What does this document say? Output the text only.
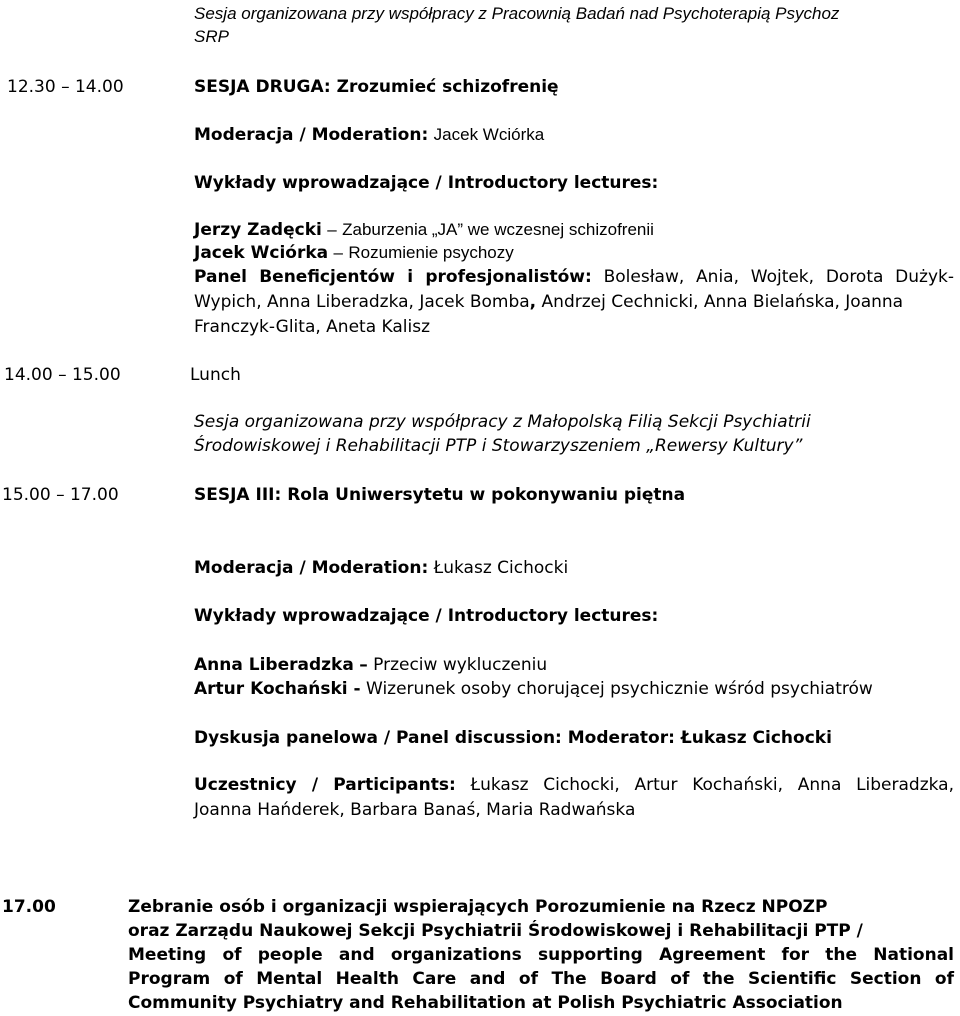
Sesja organizowana przy współpracy z Pracownią Badań nad Psychoterapią Psychoz
SRP
12.30 – 14.00	SESJA DRUGA: Zrozumieć schizofrenię
Moderacja / Moderation: Jacek Wciórka
Wykłady wprowadzające / Introductory lectures:
Jerzy Zadęcki – Zaburzenia „JA” we wczesnej schizofrenii
Jacek Wciórka – Rozumienie psychozy
Panel Beneficjentów i profesjonalistów: Bolesław, Ania, Wojtek, Dorota Dużyk-
Wypich, Anna Liberadzka, Jacek Bomba, Andrzej Cechnicki, Anna Bielańska, Joanna
Franczyk-Glita, Aneta Kalisz
14.00 – 15.00	Lunch
Sesja organizowana przy współpracy z Małopolską Filią Sekcji Psychiatrii
Środowiskowej i Rehabilitacji PTP i Stowarzyszeniem „Rewersy Kultury”
15.00 – 17.00	SESJA III: Rola Uniwersytetu w pokonywaniu piętna
Moderacja / Moderation: Łukasz Cichocki
Wykłady wprowadzające / Introductory lectures:
Anna Liberadzka – Przeciw wykluczeniu
Artur Kochański - Wizerunek osoby chorującej psychicznie wśród psychiatrów
Dyskusja panelowa / Panel discussion: Moderator: Łukasz Cichocki
Uczestnicy / Participants: Łukasz Cichocki, Artur Kochański, Anna Liberadzka,
Joanna Hańderek, Barbara Banaś, Maria Radwańska
17.00	Zebranie osób i organizacji wspierających Porozumienie na Rzecz NPOZP
oraz Zarządu Naukowej Sekcji Psychiatrii Środowiskowej i Rehabilitacji PTP /
Meeting of people and organizations supporting Agreement for the National
Program of Mental Health Care and of The Board of the Scientific Section of
Community Psychiatry and Rehabilitation at Polish Psychiatric Association
